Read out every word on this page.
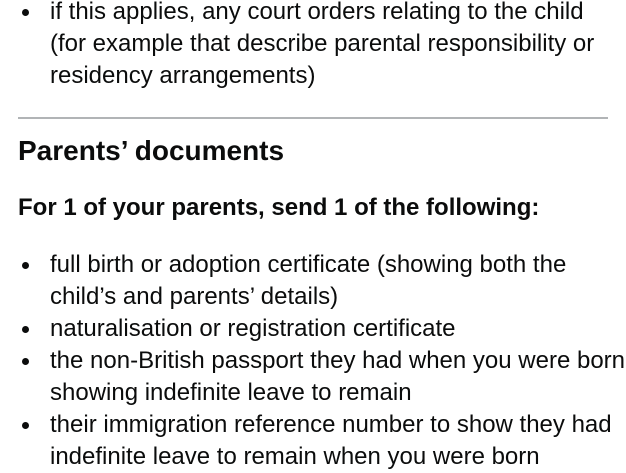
if this applies, any court orders relating to the child (for example that describe parental responsibility or residency arrangements)
Parents’ documents

For 1 of your parents, send 1 of the following:

full birth or adoption certificate (showing both the child’s and parents’ details)
naturalisation or registration certificate
the non-British passport they had when you were born showing indefinite leave to remain
their immigration reference number to show they had indefinite leave to remain when you were born
